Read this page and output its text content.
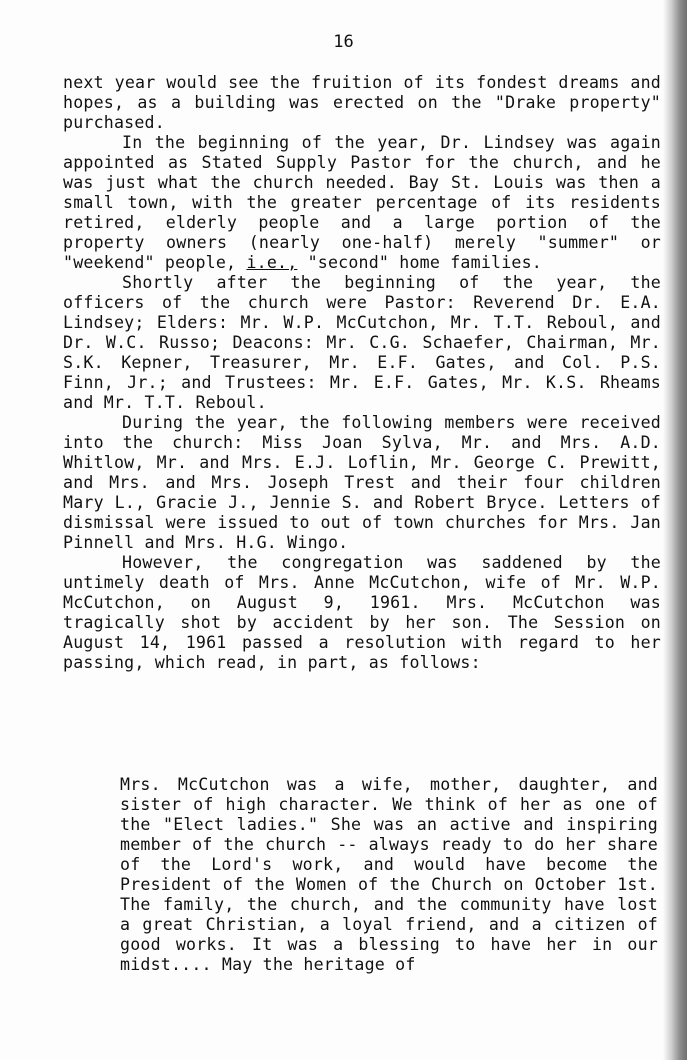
16

next year would see the fruition of its fondest dreams and hopes, as a building was erected on the "Drake property" purchased.

In the beginning of the year, Dr. Lindsey was again appointed as Stated Supply Pastor for the church, and he was just what the church needed. Bay St. Louis was then a small town, with the greater percentage of its residents retired, elderly people and a large portion of the property owners (nearly one-half) merely "summer" or "weekend" people, i.e., "second" home families.

Shortly after the beginning of the year, the officers of the church were Pastor: Reverend Dr. E.A. Lindsey; Elders: Mr. W.P. McCutchon, Mr. T.T. Reboul, and Dr. W.C. Russo; Deacons: Mr. C.G. Schaefer, Chairman, Mr. S.K. Kepner, Treasurer, Mr. E.F. Gates, and Col. P.S. Finn, Jr.; and Trustees: Mr. E.F. Gates, Mr. K.S. Rheams and Mr. T.T. Reboul.

During the year, the following members were received into the church: Miss Joan Sylva, Mr. and Mrs. A.D. Whitlow, Mr. and Mrs. E.J. Loflin, Mr. George C. Prewitt, and Mrs. and Mrs. Joseph Trest and their four children Mary L., Gracie J., Jennie S. and Robert Bryce. Letters of dismissal were issued to out of town churches for Mrs. Jan Pinnell and Mrs. H.G. Wingo.

However, the congregation was saddened by the untimely death of Mrs. Anne McCutchon, wife of Mr. W.P. McCutchon, on August 9, 1961. Mrs. McCutchon was tragically shot by accident by her son. The Session on August 14, 1961 passed a resolution with regard to her passing, which read, in part, as follows:

Mrs. McCutchon was a wife, mother, daughter, and sister of high character. We think of her as one of the "Elect ladies." She was an active and inspiring member of the church -- always ready to do her share of the Lord's work, and would have become the President of the Women of the Church on October 1st. The family, the church, and the community have lost a great Christian, a loyal friend, and a citizen of good works. It was a blessing to have her in our midst.... May the heritage of
